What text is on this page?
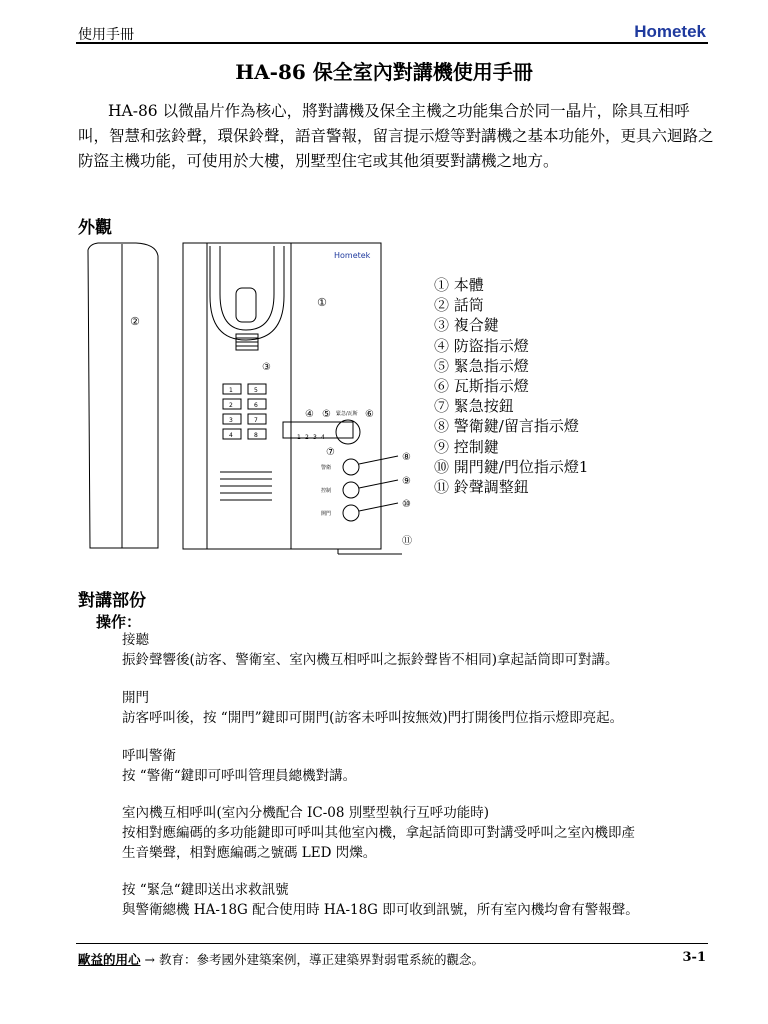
使用手冊	Hometek
HA-86 保全室內對講機使用手冊
HA-86 以微晶片作為核心，將對講機及保全主機之功能集合於同一晶片，除具互相呼叫，智慧和弦鈴聲，環保鈴聲，語音警報，留言提示燈等對講機之基本功能外，更具六迴路之防盜主機功能，可使用於大樓，別墅型住宅或其他須要對講機之地方。
外觀
②
Hometek
①
③
1	5
2	6
3	7
4	8
④ ⑤ 緊急/瓦斯 ⑥
1 2 3 4
⑦
警衛
⑧
控制
⑨
開門
⑩
⑪
① 本體
② 話筒
③ 複合鍵
④ 防盜指示燈
⑤ 緊急指示燈
⑥ 瓦斯指示燈
⑦ 緊急按鈕
⑧ 警衛鍵/留言指示燈
⑨ 控制鍵
⑩ 開門鍵/門位指示燈1
⑪ 鈴聲調整鈕
對講部份
操作：
接聽
振鈴聲響後(訪客、警衛室、室內機互相呼叫之振鈴聲皆不相同)拿起話筒即可對講。
開門
訪客呼叫後，按 “開門”鍵即可開門(訪客未呼叫按無效)門打開後門位指示燈即亮起。
呼叫警衛
按 “警衛“鍵即可呼叫管理員總機對講。
室內機互相呼叫(室內分機配合 IC-08 別墅型執行互呼功能時)
按相對應編碼的多功能鍵即可呼叫其他室內機，拿起話筒即可對講受呼叫之室內機即產
生音樂聲，相對應編碼之號碼 LED 閃爍。
按 “緊急“鍵即送出求救訊號
與警衛總機 HA-18G 配合使用時 HA-18G 即可收到訊號，所有室內機均會有警報聲。
歐益的用心 → 教育：參考國外建築案例，導正建築界對弱電系統的觀念。	3-1
